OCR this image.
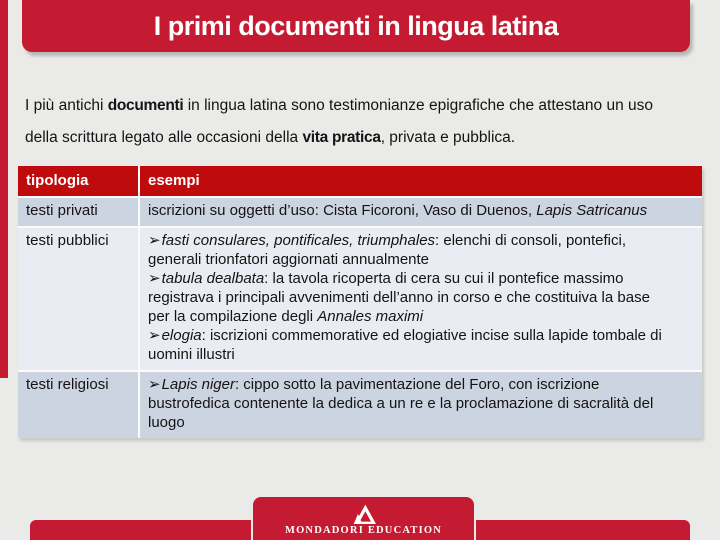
I primi documenti in lingua latina

I più antichi documenti in lingua latina sono testimonianze epigrafiche che attestano un uso della scrittura legato alle occasioni della vita pratica, privata e pubblica.

tipologia	esempi
testi privati	iscrizioni su oggetti d’uso: Cista Ficoroni, Vaso di Duenos, Lapis Satricanus
testi pubblici	➢fasti consulares, pontificales, triumphales: elenchi di consoli, pontefici, generali trionfatori aggiornati annualmente
➢tabula dealbata: la tavola ricoperta di cera su cui il pontefice massimo registrava i principali avvenimenti dell’anno in corso e che costituiva la base per la compilazione degli Annales maximi
➢elogia: iscrizioni commemorative ed elogiative incise sulla lapide tombale di uomini illustri
testi religiosi	➢Lapis niger: cippo sotto la pavimentazione del Foro, con iscrizione bustrofedica contenente la dedica a un re e la proclamazione di sacralità del luogo
MONDADORI EDUCATION
